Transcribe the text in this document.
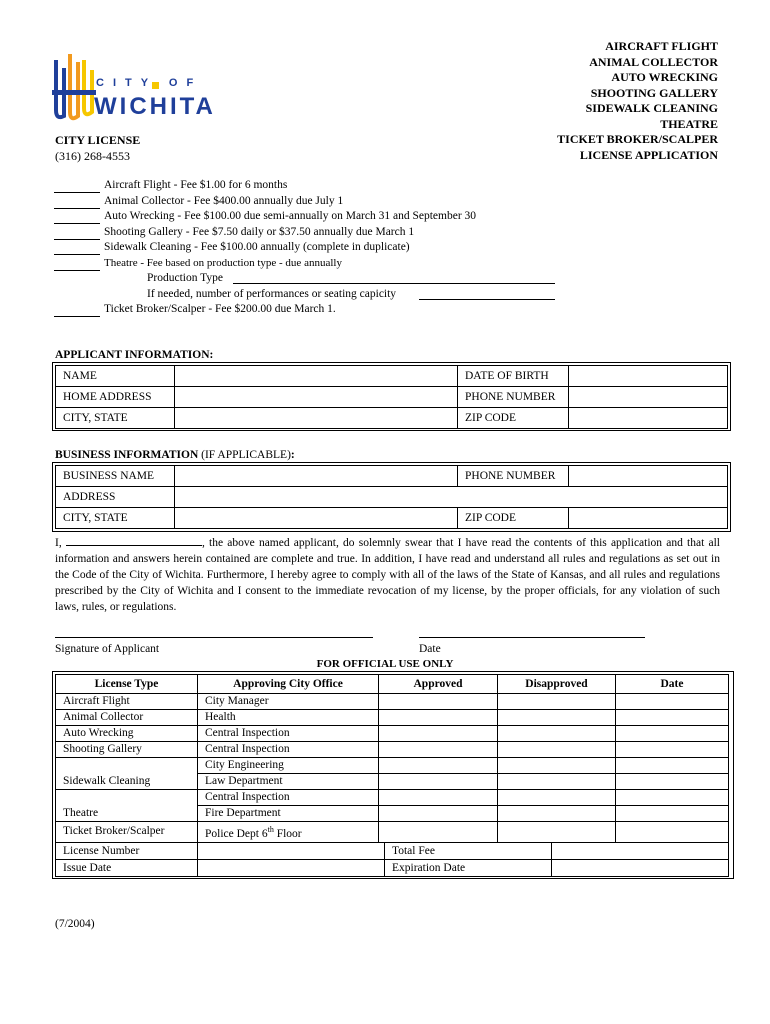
CITY OF
WICHITA
CITY LICENSE
(316) 268-4553
AIRCRAFT FLIGHT
ANIMAL COLLECTOR
AUTO WRECKING
SHOOTING GALLERY
SIDEWALK CLEANING
THEATRE
TICKET BROKER/SCALPER
LICENSE APPLICATION
Aircraft Flight - Fee $1.00 for 6 months
Animal Collector - Fee $400.00 annually due July 1
Auto Wrecking - Fee $100.00 due semi-annually on March 31 and September 30
Shooting Gallery - Fee $7.50 daily or $37.50 annually due March 1
Sidewalk Cleaning - Fee $100.00 annually (complete in duplicate)
Theatre - Fee based on production type - due annually
Production Type
If needed, number of performances or seating capicity
Ticket Broker/Scalper - Fee $200.00 due March 1.
APPLICANT INFORMATION:
NAME		DATE OF BIRTH	
HOME ADDRESS		PHONE NUMBER	
CITY, STATE		ZIP CODE	
BUSINESS INFORMATION (IF APPLICABLE):
BUSINESS NAME		PHONE NUMBER	
ADDRESS			
CITY, STATE		ZIP CODE	
I,	, the above named applicant, do solemnly swear that I have read the contents of this application and that all information and answers herein contained are complete and true. In addition, I have read and understand all rules and regulations as set out in the Code of the City of Wichita. Furthermore, I hereby agree to comply with all of the laws of the State of Kansas, and all rules and regulations prescribed by the City of Wichita and I consent to the immediate revocation of my license, by the proper officials, for any violation of such laws, rules, or regulations.
Signature of Applicant	Date
FOR OFFICIAL USE ONLY
License Type	Approving City Office	Approved	Disapproved	Date
Aircraft Flight	City Manager			
Animal Collector	Health			
Auto Wrecking	Central Inspection			
Shooting Gallery	Central Inspection			
Sidewalk Cleaning	City Engineering			
	Law Department			
Theatre	Central Inspection			
	Fire Department			
Ticket Broker/Scalper	Police Dept 6th Floor			
License Number		Total Fee	
Issue Date		Expiration Date	
(7/2004)
